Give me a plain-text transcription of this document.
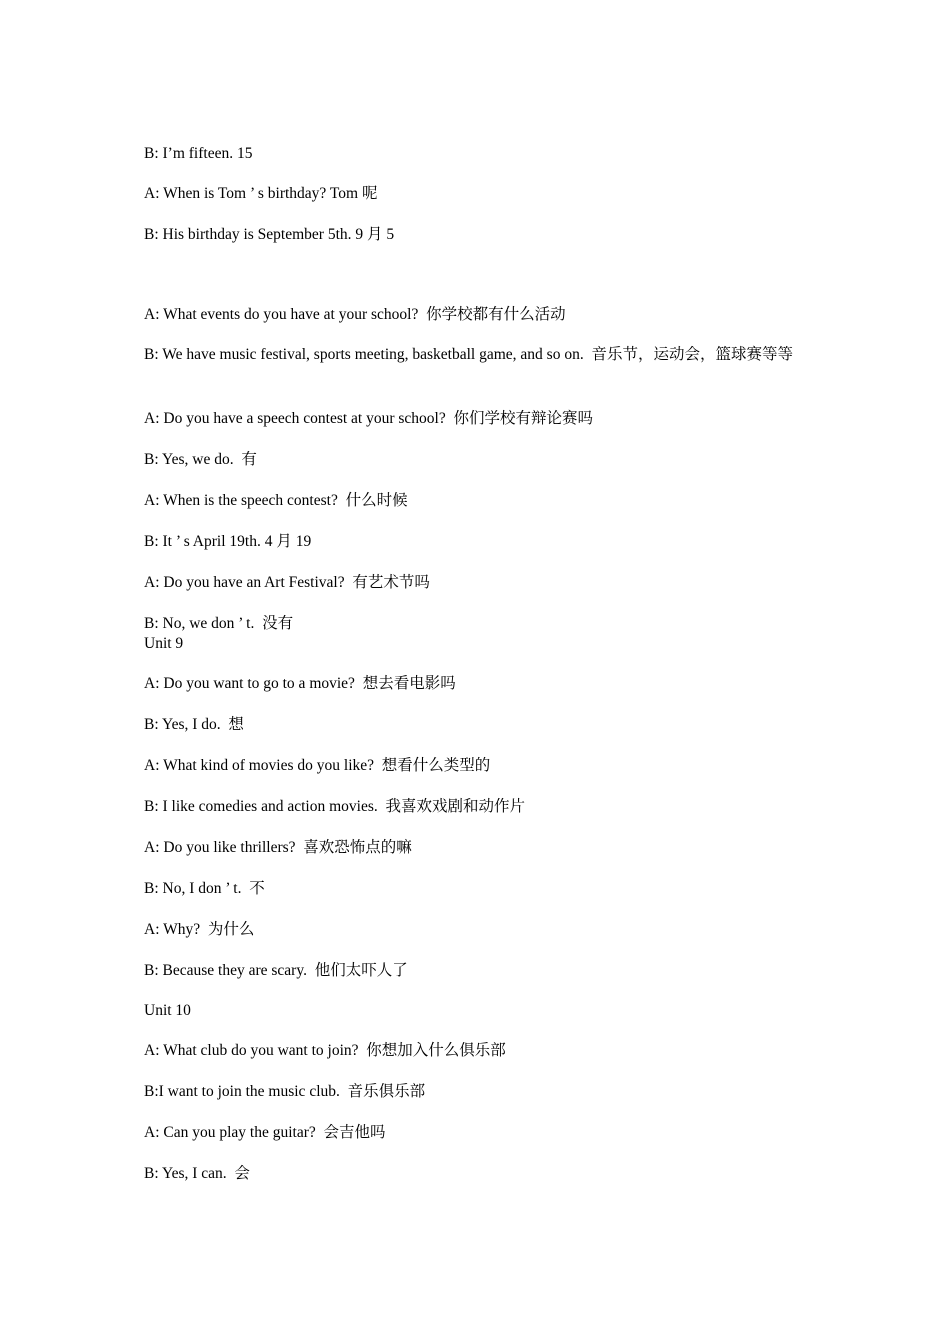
B: I’m fifteen. 15
A: When is Tom ’ s birthday? Tom 呢
B: His birthday is September 5th. 9 月 5
A: What events do you have at your school?  你学校都有什么活动
B: We have music festival, sports meeting, basketball game, and so on.  音乐节，运动会，篮球赛等等
A: Do you have a speech contest at your school?  你们学校有辩论赛吗
B: Yes, we do.  有
A: When is the speech contest?  什么时候
B: It ’ s April 19th. 4 月 19
A: Do you have an Art Festival?  有艺术节吗
B: No, we don ’ t.  没有
Unit 9
A: Do you want to go to a movie?  想去看电影吗
B: Yes, I do.  想
A: What kind of movies do you like?  想看什么类型的
B: I like comedies and action movies.  我喜欢戏剧和动作片
A: Do you like thrillers?  喜欢恐怖点的嘛
B: No, I don ’ t.  不
A: Why?  为什么
B: Because they are scary.  他们太吓人了
Unit 10
A: What club do you want to join?  你想加入什么俱乐部
B:I want to join the music club.  音乐俱乐部
A: Can you play the guitar?  会吉他吗
B: Yes, I can.  会
